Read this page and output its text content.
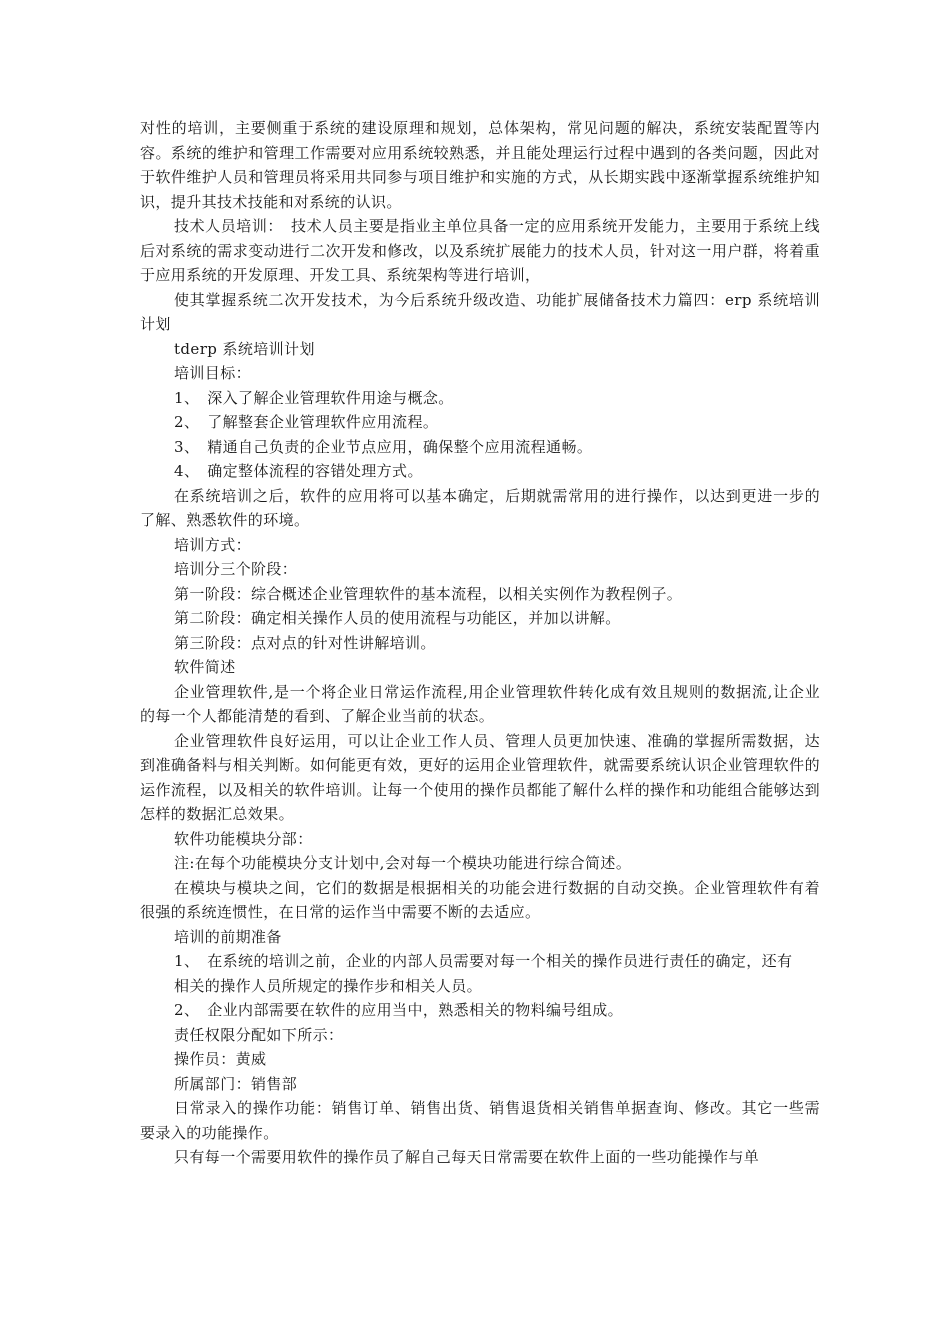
对性的培训，主要侧重于系统的建设原理和规划，总体架构，常见问题的解决，系统安装配置等内容。系统的维护和管理工作需要对应用系统较熟悉，并且能处理运行过程中遇到的各类问题，因此对于软件维护人员和管理员将采用共同参与项目维护和实施的方式，从长期实践中逐渐掌握系统维护知识，提升其技术技能和对系统的认识。

技术人员培训：　技术人员主要是指业主单位具备一定的应用系统开发能力，主要用于系统上线后对系统的需求变动进行二次开发和修改，以及系统扩展能力的技术人员，针对这一用户群，将着重于应用系统的开发原理、开发工具、系统架构等进行培训，

使其掌握系统二次开发技术，为今后系统升级改造、功能扩展储备技术力篇四：erp 系统培训计划

tderp 系统培训计划

培训目标：

1、　深入了解企业管理软件用途与概念。

2、　了解整套企业管理软件应用流程。

3、　精通自己负责的企业节点应用，确保整个应用流程通畅。

4、　确定整体流程的容错处理方式。

在系统培训之后，软件的应用将可以基本确定，后期就需常用的进行操作，以达到更进一步的了解、熟悉软件的环境。

培训方式：

培训分三个阶段：

第一阶段：综合概述企业管理软件的基本流程，以相关实例作为教程例子。

第二阶段：确定相关操作人员的使用流程与功能区，并加以讲解。

第三阶段：点对点的针对性讲解培训。

软件简述

企业管理软件,是一个将企业日常运作流程,用企业管理软件转化成有效且规则的数据流,让企业的每一个人都能清楚的看到、了解企业当前的状态。

企业管理软件良好运用，可以让企业工作人员、管理人员更加快速、准确的掌握所需数据，达到准确备料与相关判断。如何能更有效，更好的运用企业管理软件，就需要系统认识企业管理软件的运作流程，以及相关的软件培训。让每一个使用的操作员都能了解什么样的操作和功能组合能够达到怎样的数据汇总效果。

软件功能模块分部：

注:在每个功能模块分支计划中,会对每一个模块功能进行综合简述。

在模块与模块之间，它们的数据是根据相关的功能会进行数据的自动交换。企业管理软件有着很强的系统连惯性，在日常的运作当中需要不断的去适应。

培训的前期准备

1、　在系统的培训之前，企业的内部人员需要对每一个相关的操作员进行责任的确定，还有

相关的操作人员所规定的操作步和相关人员。

2、　企业内部需要在软件的应用当中，熟悉相关的物料编号组成。

责任权限分配如下所示：

操作员：黄威

所属部门：销售部

日常录入的操作功能：销售订单、销售出货、销售退货相关销售单据查询、修改。其它一些需要录入的功能操作。

只有每一个需要用软件的操作员了解自己每天日常需要在软件上面的一些功能操作与单
